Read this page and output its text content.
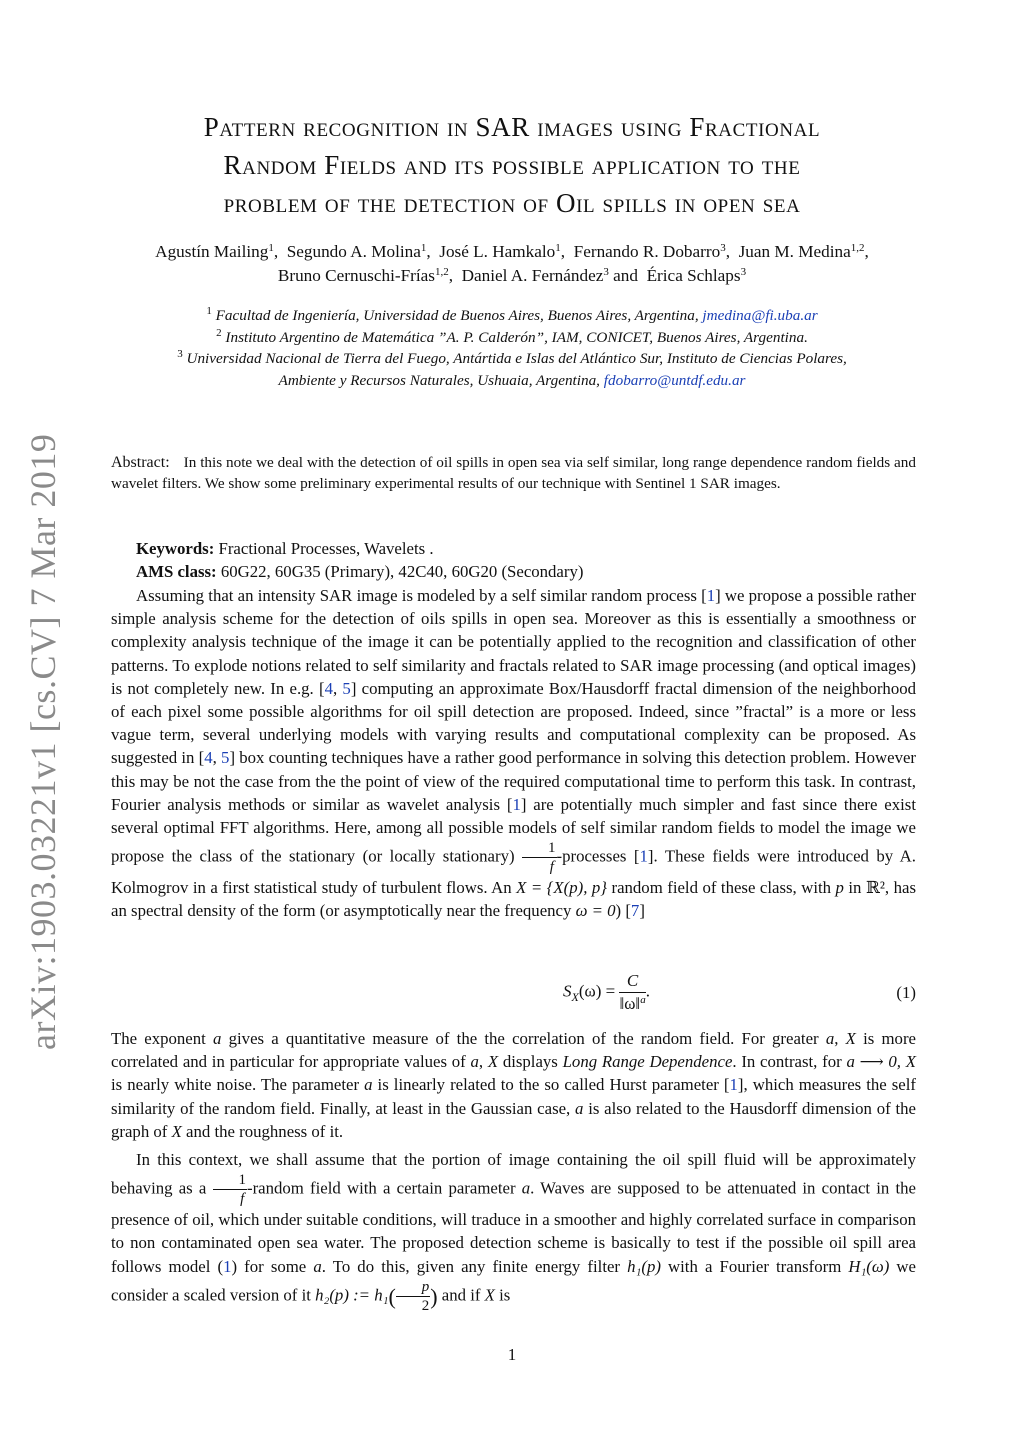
arXiv:1903.03221v1 [cs.CV] 7 Mar 2019
Pattern recognition in SAR images using Fractional
Random Fields and its possible application to the
problem of the detection of Oil spills in open sea
Agustín Mailing$^1$,  Segundo A. Molina$^1$,  José L. Hamkalo$^1$,  Fernando R. Dobarro$^3$,  Juan M. Medina$^{1,2}$,
Bruno Cernuschi-Frías$^{1,2}$,  Daniel A. Fernández$^3$ and Érica Schlaps$^3$
$^1$ Facultad de Ingeniería, Universidad de Buenos Aires, Buenos Aires, Argentina, jmedina@fi.uba.ar
$^2$ Instituto Argentino de Matemática ”A. P. Calderón”, IAM, CONICET, Buenos Aires, Argentina.
$^3$ Universidad Nacional de Tierra del Fuego, Antártida e Islas del Atlántico Sur, Instituto de Ciencias Polares,
Ambiente y Recursos Naturales, Ushuaia, Argentina, fdobarro@untdf.edu.ar
Abstract: In this note we deal with the detection of oil spills in open sea via self similar, long range dependence random fields and wavelet filters. We show some preliminary experimental results of our technique with Sentinel 1 SAR images.

Keywords: Fractional Processes, Wavelets .

AMS class: 60G22, 60G35 (Primary), 42C40, 60G20 (Secondary)

Assuming that an intensity SAR image is modeled by a self similar random process [1] we propose a possible rather simple analysis scheme for the detection of oils spills in open sea. Moreover as this is essentially a smoothness or complexity analysis technique of the image it can be potentially applied to the recognition and classification of other patterns. To explode notions related to self similarity and fractals related to SAR image processing (and optical images) is not completely new. In e.g. [4, 5] computing an approximate Box/Hausdorff fractal dimension of the neighborhood of each pixel some possible algorithms for oil spill detection are proposed. Indeed, since ”fractal” is a more or less vague term, several underlying models with varying results and computational complexity can be proposed. As suggested in [4, 5] box counting techniques have a rather good performance in solving this detection problem. However this may be not the case from the the point of view of the required computational time to perform this task. In contrast, Fourier analysis methods or similar as wavelet analysis [1] are potentially much simpler and fast since there exist several optimal FFT algorithms. Here, among all possible models of self similar random fields to model the image we propose the class of the stationary (or locally stationary) $\frac{1}{f}$ -processes [1]. These fields were introduced by A. Kolmogrov in a first statistical study of turbulent flows. An X = {X(p), p} random field of these class, with p in ℝ², has an spectral density of the form (or asymptotically near the frequency ω = 0) [7]
$S_X(\omega) = \frac{C}{‖\omega‖^a}$ .	(1)
The exponent a gives a quantitative measure of the the correlation of the random field. For greater a, X is more correlated and in particular for appropriate values of a, X displays Long Range Dependence. In contrast, for a ⟶ 0, X is nearly white noise. The parameter a is linearly related to the so called Hurst parameter [1], which measures the self similarity of the random field. Finally, at least in the Gaussian case, a is also related to the Hausdorff dimension of the graph of X and the roughness of it.
In this context, we shall assume that the portion of image containing the oil spill fluid will be approximately behaving as a $\frac{1}{f}$ -random field with a certain parameter a. Waves are supposed to be attenuated in contact in the presence of oil, which under suitable conditions, will traduce in a smoother and highly correlated surface in comparison to non contaminated open sea water. The proposed detection scheme is basically to test if the possible oil spill area follows model (1) for some a. To do this, given any finite energy filter h₁(p) with a Fourier transform H₁(ω) we consider a scaled version of it h₂(p) := $h_1( \frac{p}{2}$ ) and if X is
1
